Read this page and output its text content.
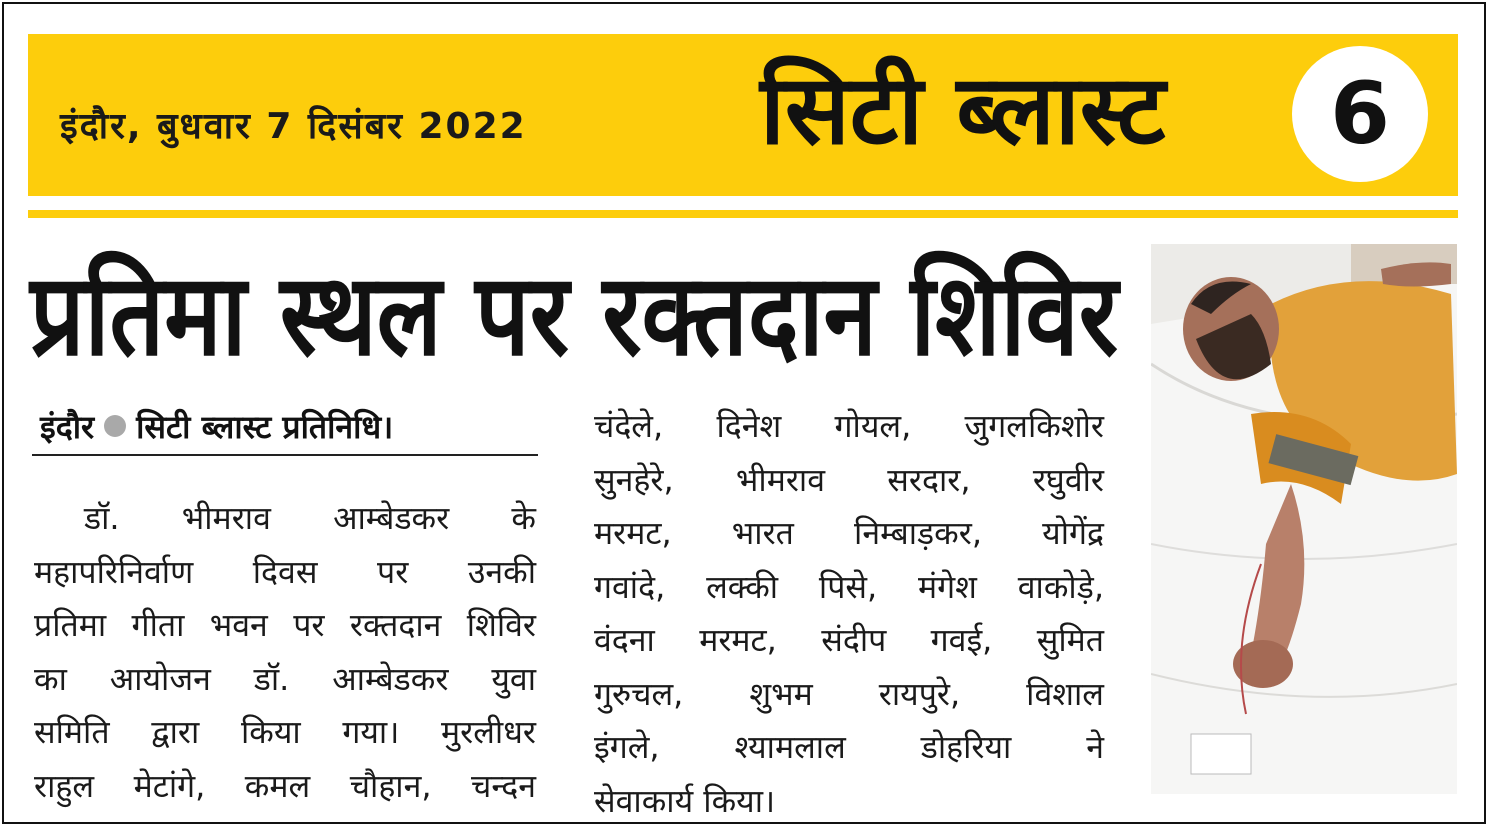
इंदौर, बुधवार 7 दिसंबर 2022 सिटी ब्लास्ट 6
प्रतिमा स्थल पर रक्तदान शिविर
इंदौर सिटी ब्लास्ट प्रतिनिधि।

डॉ. भीमराव आम्बेडकर के

महापरिनिर्वाण दिवस पर उनकी

प्रतिमा गीता भवन पर रक्तदान शिविर

का आयोजन डॉ. आम्बेडकर युवा

समिति द्वारा किया गया। मुरलीधर

राहुल मेटांगे, कमल चौहान, चन्दन

चंदेले, दिनेश गोयल, जुगलकिशोर

सुनहेरे, भीमराव सरदार, रघुवीर

मरमट, भारत निम्बाड़कर, योगेंद्र

गवांदे, लक्की पिसे, मंगेश वाकोड़े,

वंदना मरमट, संदीप गवई, सुमित

गुरुचल, शुभम रायपुरे, विशाल

इंगले, श्यामलाल डोहरिया ने

सेवाकार्य किया।
